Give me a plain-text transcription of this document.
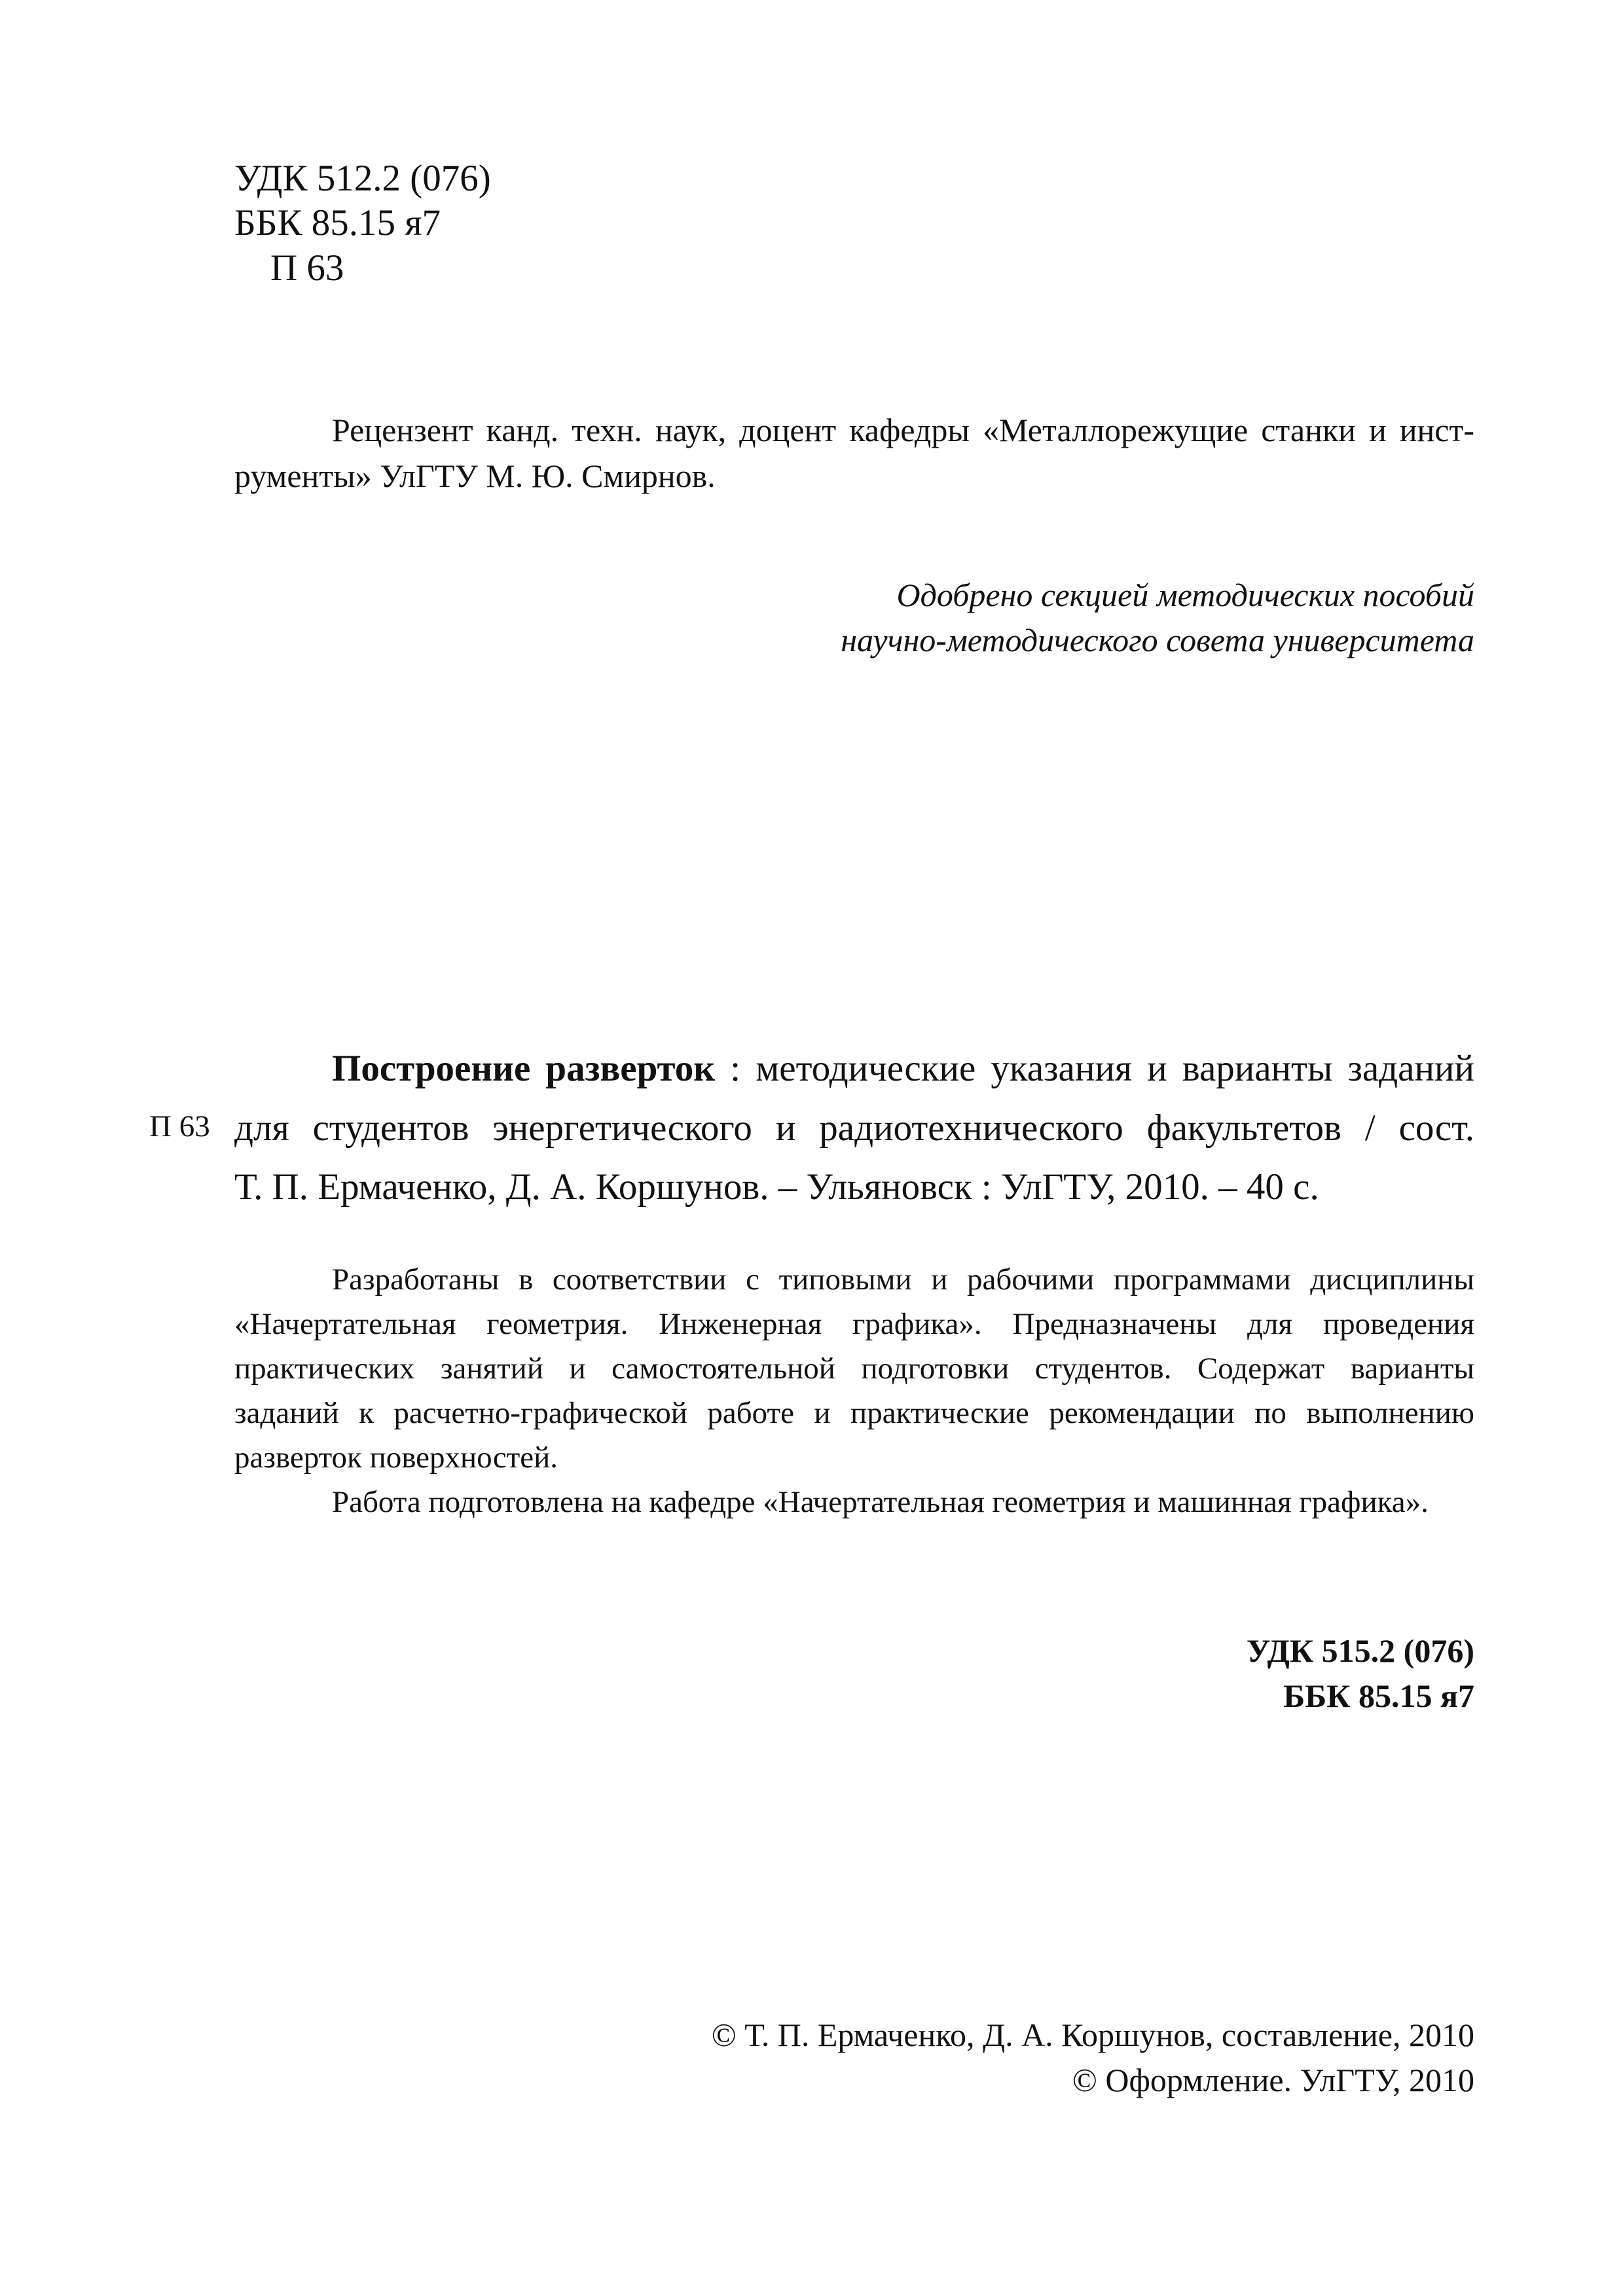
УДК 512.2 (076)
ББК 85.15 я7
П 63
Рецензент канд. техн. наук, доцент кафедры «Металлорежущие станки и инст-
рументы» УлГТУ М. Ю. Смирнов.
Одобрено секцией методических пособий
научно-методического совета университета
Построение разверток : методические указания и варианты заданий
П 63 для студентов энергетического и радиотехнического факультетов / сост.
Т. П. Ермаченко, Д. А. Коршунов. – Ульяновск : УлГТУ, 2010. – 40 с.
Разработаны в соответствии с типовыми и рабочими программами дисциплины
«Начертательная геометрия. Инженерная графика». Предназначены для проведения
практических занятий и самостоятельной подготовки студентов. Содержат варианты
заданий к расчетно-графической работе и практические рекомендации по выполнению
разверток поверхностей.
Работа подготовлена на кафедре «Начертательная геометрия и машинная графика».
УДК 515.2 (076)
ББК 85.15 я7
© Т. П. Ермаченко, Д. А. Коршунов, составление, 2010
© Оформление. УлГТУ, 2010
